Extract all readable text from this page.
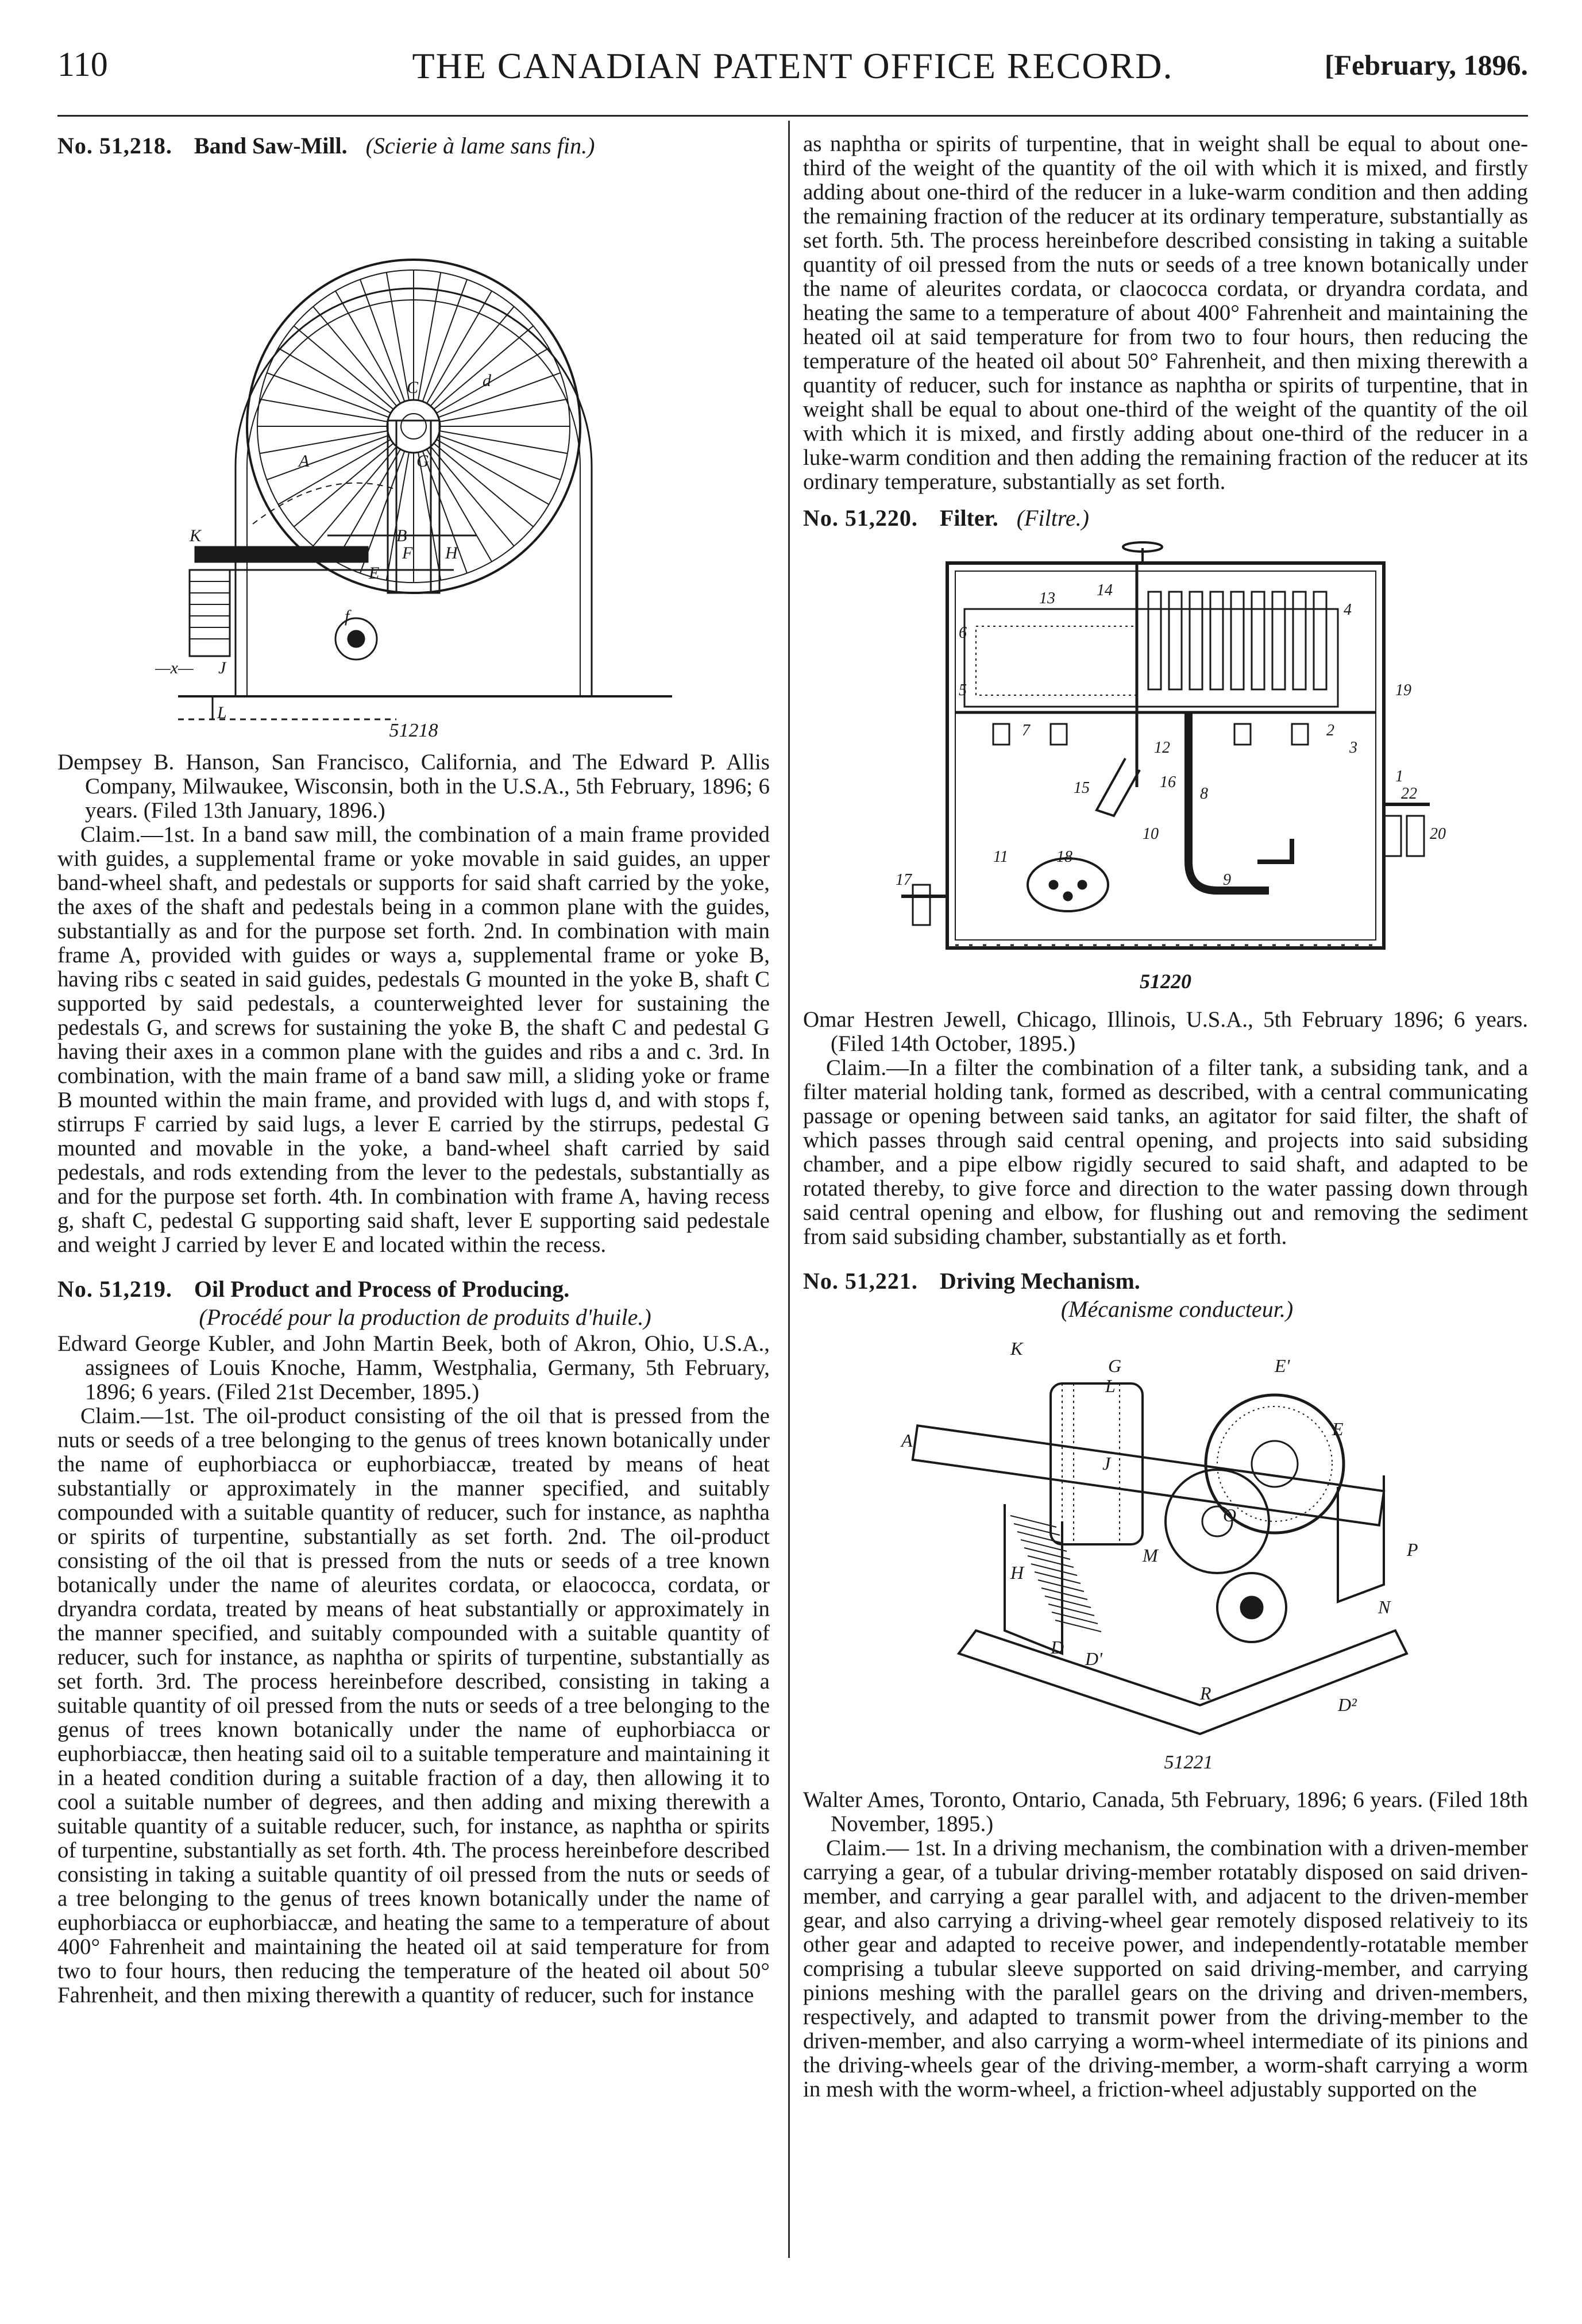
110	THE CANADIAN PATENT OFFICE RECORD.	[February, 1896.

No. 51,218. Band Saw-Mill. (Scierie à lame sans fin.)

A
B
C
D
E
F
G
H
J
K
L
d
f
—x—
51218

Dempsey B. Hanson, San Francisco, California, and The Edward P. Allis Company, Milwaukee, Wisconsin, both in the U.S.A., 5th February, 1896; 6 years. (Filed 13th January, 1896.)

Claim.—1st. In a band saw mill, the combination of a main frame provided with guides, a supplemental frame or yoke movable in said guides, an upper band-wheel shaft, and pedestals or supports for said shaft carried by the yoke, the axes of the shaft and pedestals being in a common plane with the guides, substantially as and for the purpose set forth. 2nd. In combination with main frame A, provided with guides or ways a, supplemental frame or yoke B, having ribs c seated in said guides, pedestals G mounted in the yoke B, shaft C supported by said pedestals, a counterweighted lever for sustaining the pedestals G, and screws for sustaining the yoke B, the shaft C and pedestal G having their axes in a common plane with the guides and ribs a and c. 3rd. In combination, with the main frame of a band saw mill, a sliding yoke or frame B mounted within the main frame, and provided with lugs d, and with stops f, stirrups F carried by said lugs, a lever E carried by the stirrups, pedestal G mounted and movable in the yoke, a band-wheel shaft carried by said pedestals, and rods extending from the lever to the pedestals, substantially as and for the purpose set forth. 4th. In combination with frame A, having recess g, shaft C, pedestal G supporting said shaft, lever E supporting said pedestale and weight J carried by lever E and located within the recess.

No. 51,219. Oil Product and Process of Producing.

(Procédé pour la production de produits d'huile.)

Edward George Kubler, and John Martin Beek, both of Akron, Ohio, U.S.A., assignees of Louis Knoche, Hamm, Westphalia, Germany, 5th February, 1896; 6 years. (Filed 21st December, 1895.)

Claim.—1st. The oil-product consisting of the oil that is pressed from the nuts or seeds of a tree belonging to the genus of trees known botanically under the name of euphorbiacca or euphorbiaccæ, treated by means of heat substantially or approximately in the manner specified, and suitably compounded with a suitable quantity of reducer, such for instance, as naphtha or spirits of turpentine, substantially as set forth. 2nd. The oil-product consisting of the oil that is pressed from the nuts or seeds of a tree known botanically under the name of aleurites cordata, or elaococca, cordata, or dryandra cordata, treated by means of heat substantially or approximately in the manner specified, and suitably compounded with a suitable quantity of reducer, such for instance, as naphtha or spirits of turpentine, substantially as set forth. 3rd. The process hereinbefore described, consisting in taking a suitable quantity of oil pressed from the nuts or seeds of a tree belonging to the genus of trees known botanically under the name of euphorbiacca or euphorbiaccæ, then heating said oil to a suitable temperature and maintaining it in a heated condition during a suitable fraction of a day, then allowing it to cool a suitable number of degrees, and then adding and mixing therewith a suitable quantity of a suitable reducer, such, for instance, as naphtha or spirits of turpentine, substantially as set forth. 4th. The process hereinbefore described consisting in taking a suitable quantity of oil pressed from the nuts or seeds of a tree belonging to the genus of trees known botanically under the name of euphorbiacca or euphorbiaccæ, and heating the same to a temperature of about 400° Fahrenheit and maintaining the heated oil at said temperature for from two to four hours, then reducing the temperature of the heated oil about 50° Fahrenheit, and then mixing therewith a quantity of reducer, such for instance

as naphtha or spirits of turpentine, that in weight shall be equal to about one-third of the weight of the quantity of the oil with which it is mixed, and firstly adding about one-third of the reducer in a luke-warm condition and then adding the remaining fraction of the reducer at its ordinary temperature, substantially as set forth. 5th. The process hereinbefore described consisting in taking a suitable quantity of oil pressed from the nuts or seeds of a tree known botanically under the name of aleurites cordata, or claococca cordata, or dryandra cordata, and heating the same to a temperature of about 400° Fahrenheit and maintaining the heated oil at said temperature for from two to four hours, then reducing the temperature of the heated oil about 50° Fahrenheit, and then mixing therewith a quantity of reducer, such for instance as naphtha or spirits of turpentine, that in weight shall be equal to about one-third of the weight of the quantity of the oil with which it is mixed, and firstly adding about one-third of the reducer in a luke-warm condition and then adding the remaining fraction of the reducer at its ordinary temperature, substantially as set forth.

No. 51,220. Filter. (Filtre.)

13	14
4
6
5	19
7	2
3
15	16
12
1
8	22
20
10
11	18
9
17
51220

Omar Hestren Jewell, Chicago, Illinois, U.S.A., 5th February 1896; 6 years. (Filed 14th October, 1895.)

Claim.—In a filter the combination of a filter tank, a subsiding tank, and a filter material holding tank, formed as described, with a central communicating passage or opening between said tanks, an agitator for said filter, the shaft of which passes through said central opening, and projects into said subsiding chamber, and a pipe elbow rigidly secured to said shaft, and adapted to be rotated thereby, to give force and direction to the water passing down through said central opening and elbow, for flushing out and removing the sediment from said subsiding chamber, substantially as et forth.

No. 51,221. Driving Mechanism.

(Mécanisme conducteur.)

K
A
G
L
E'
E
J
M
O
P
H
D
D'
N
R
D²
51221

Walter Ames, Toronto, Ontario, Canada, 5th February, 1896; 6 years. (Filed 18th November, 1895.)

Claim.— 1st. In a driving mechanism, the combination with a driven-member carrying a gear, of a tubular driving-member rotatably disposed on said driven-member, and carrying a gear parallel with, and adjacent to the driven-member gear, and also carrying a driving-wheel gear remotely disposed relativeiy to its other gear and adapted to receive power, and independently-rotatable member comprising a tubular sleeve supported on said driving-member, and carrying pinions meshing with the parallel gears on the driving and driven-members, respectively, and adapted to transmit power from the driving-member to the driven-member, and also carrying a worm-wheel intermediate of its pinions and the driving-wheels gear of the driving-member, a worm-shaft carrying a worm in mesh with the worm-wheel, a friction-wheel adjustably supported on the
